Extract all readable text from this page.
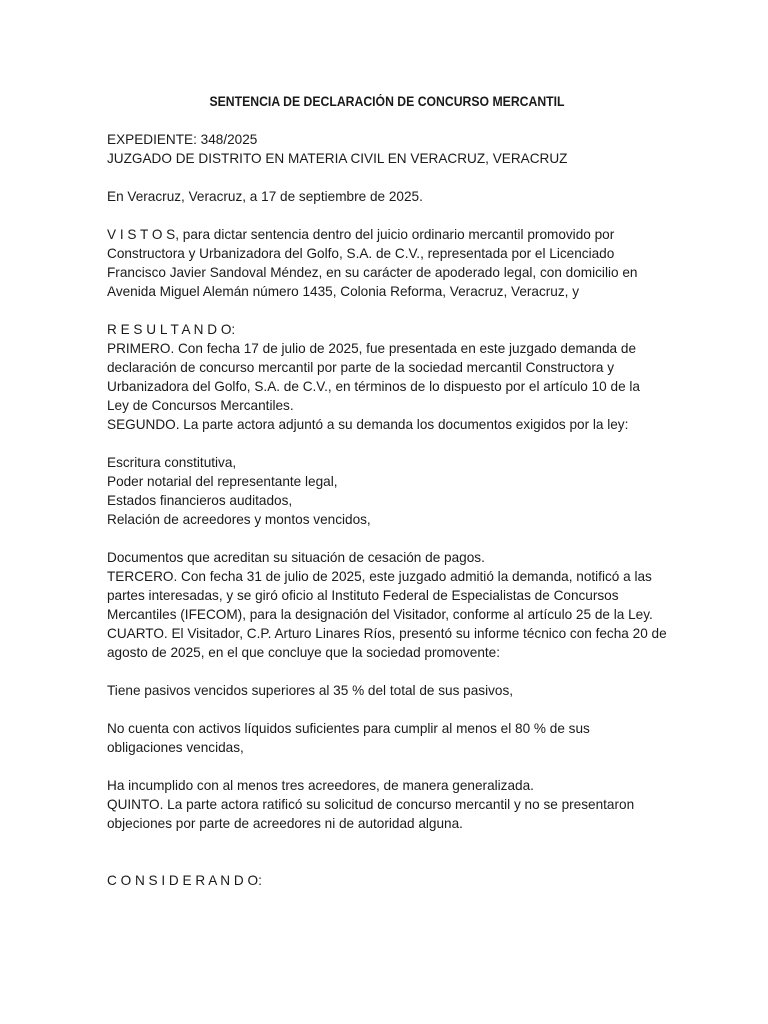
SENTENCIA DE DECLARACIÓN DE CONCURSO MERCANTIL

EXPEDIENTE: 348/2025
JUZGADO DE DISTRITO EN MATERIA CIVIL EN VERACRUZ, VERACRUZ
En Veracruz, Veracruz, a 17 de septiembre de 2025.
V I S T O S, para dictar sentencia dentro del juicio ordinario mercantil promovido por
Constructora y Urbanizadora del Golfo, S.A. de C.V., representada por el Licenciado
Francisco Javier Sandoval Méndez, en su carácter de apoderado legal, con domicilio en
Avenida Miguel Alemán número 1435, Colonia Reforma, Veracruz, Veracruz, y
R E S U L T A N D O:
PRIMERO. Con fecha 17 de julio de 2025, fue presentada en este juzgado demanda de
declaración de concurso mercantil por parte de la sociedad mercantil Constructora y
Urbanizadora del Golfo, S.A. de C.V., en términos de lo dispuesto por el artículo 10 de la
Ley de Concursos Mercantiles.
SEGUNDO. La parte actora adjuntó a su demanda los documentos exigidos por la ley:
Escritura constitutiva,
Poder notarial del representante legal,
Estados financieros auditados,
Relación de acreedores y montos vencidos,
Documentos que acreditan su situación de cesación de pagos.
TERCERO. Con fecha 31 de julio de 2025, este juzgado admitió la demanda, notificó a las
partes interesadas, y se giró oficio al Instituto Federal de Especialistas de Concursos
Mercantiles (IFECOM), para la designación del Visitador, conforme al artículo 25 de la Ley.
CUARTO. El Visitador, C.P. Arturo Linares Ríos, presentó su informe técnico con fecha 20 de
agosto de 2025, en el que concluye que la sociedad promovente:
Tiene pasivos vencidos superiores al 35 % del total de sus pasivos,
No cuenta con activos líquidos suficientes para cumplir al menos el 80 % de sus
obligaciones vencidas,
Ha incumplido con al menos tres acreedores, de manera generalizada.
QUINTO. La parte actora ratificó su solicitud de concurso mercantil y no se presentaron
objeciones por parte de acreedores ni de autoridad alguna.
C O N S I D E R A N D O:
